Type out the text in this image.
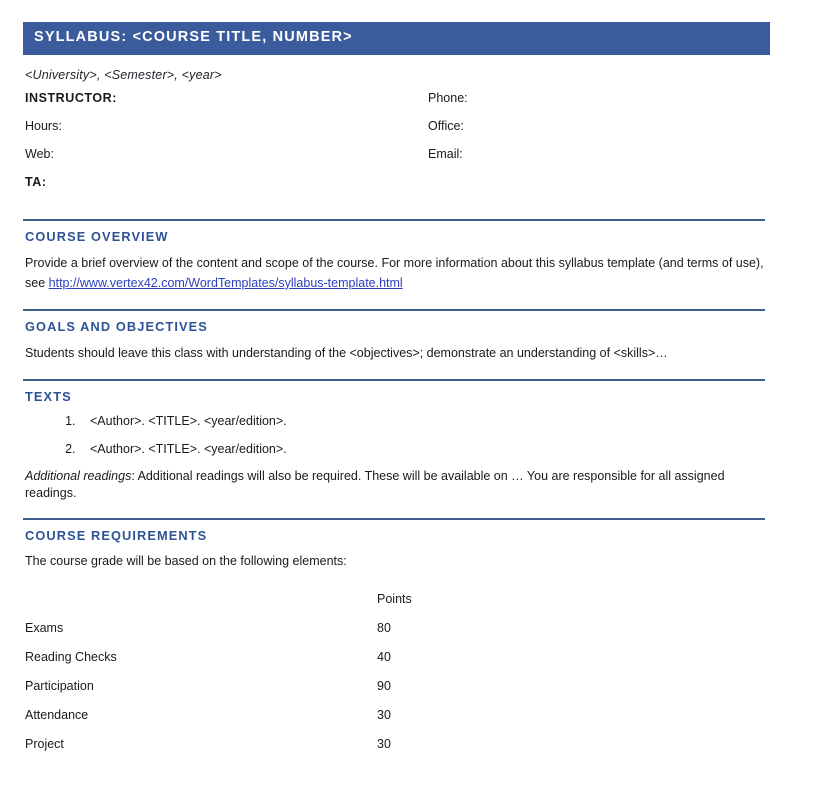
SYLLABUS: <COURSE TITLE, NUMBER>
<University>, <Semester>, <year>
INSTRUCTOR:	Phone:
Hours:	Office:
Web:	Email:
TA:
COURSE OVERVIEW
Provide a brief overview of the content and scope of the course. For more information about this syllabus template (and terms of use), see http://www.vertex42.com/WordTemplates/syllabus-template.html
GOALS AND OBJECTIVES
Students should leave this class with understanding of the <objectives>; demonstrate an understanding of <skills>…
TEXTS
1. <Author>. <TITLE>. <year/edition>.
2. <Author>. <TITLE>. <year/edition>.
Additional readings: Additional readings will also be required. These will be available on … You are responsible for all assigned readings.
COURSE REQUIREMENTS
The course grade will be based on the following elements:
	Points
Exams	80
Reading Checks	40
Participation	90
Attendance	30
Project	30
